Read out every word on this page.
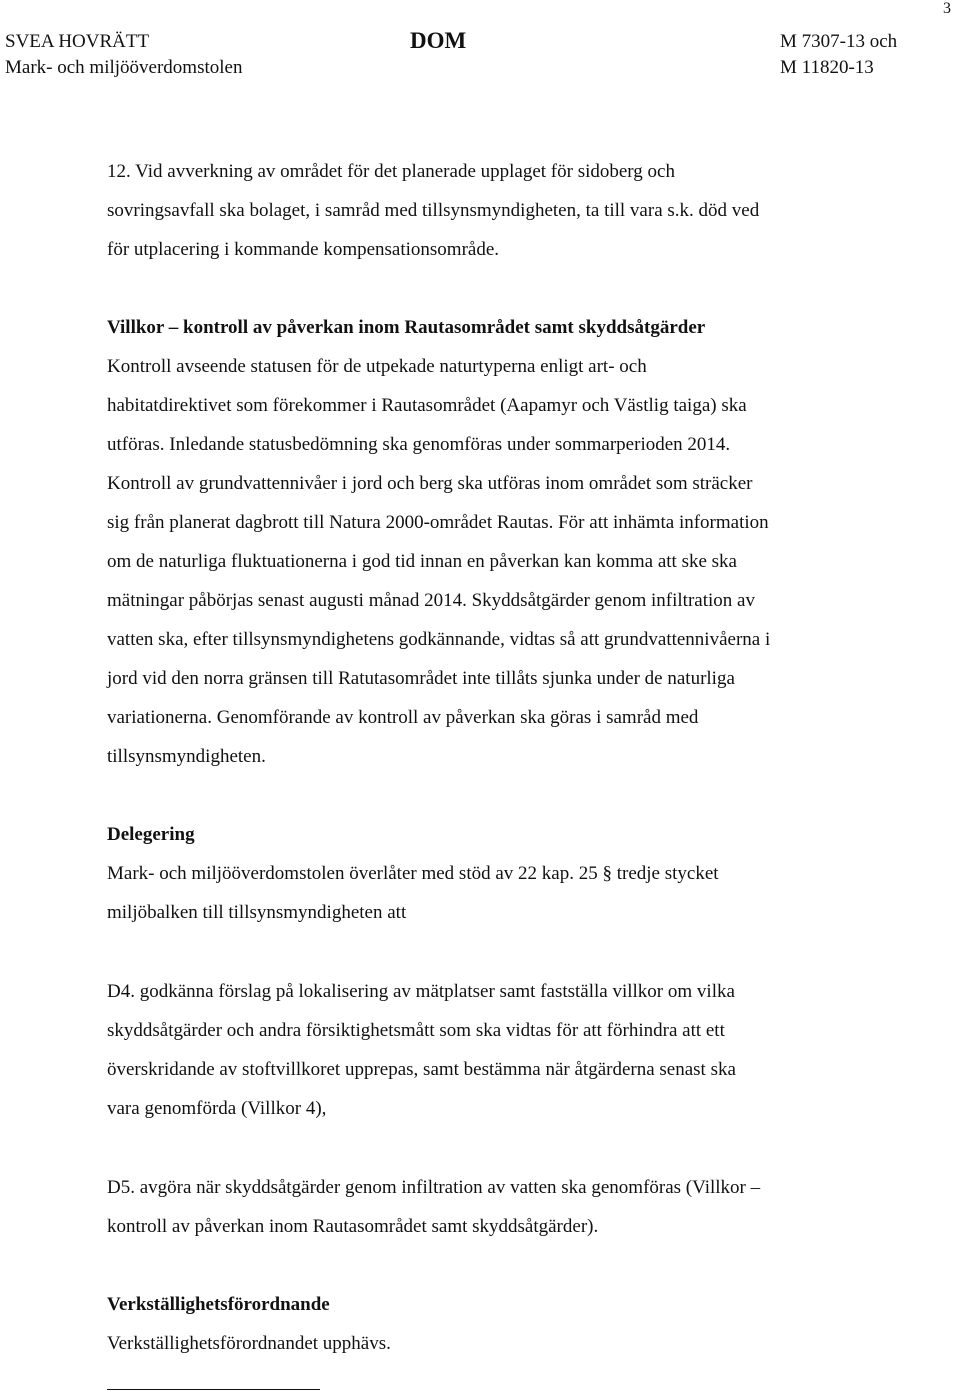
3
SVEA HOVRÄTT
Mark- och miljööverdomstolen
DOM	M 7307-13 och
M 11820-13
12. Vid avverkning av området för det planerade upplaget för sidoberg och
sovringsavfall ska bolaget, i samråd med tillsynsmyndigheten, ta till vara s.k. död ved
för utplacering i kommande kompensationsområde.
Villkor – kontroll av påverkan inom Rautasområdet samt skyddsåtgärder
Kontroll avseende statusen för de utpekade naturtyperna enligt art- och
habitatdirektivet som förekommer i Rautasområdet (Aapamyr och Västlig taiga) ska
utföras. Inledande statusbedömning ska genomföras under sommarperioden 2014.
Kontroll av grundvattennivåer i jord och berg ska utföras inom området som sträcker
sig från planerat dagbrott till Natura 2000-området Rautas. För att inhämta information
om de naturliga fluktuationerna i god tid innan en påverkan kan komma att ske ska
mätningar påbörjas senast augusti månad 2014. Skyddsåtgärder genom infiltration av
vatten ska, efter tillsynsmyndighetens godkännande, vidtas så att grundvattennivåerna i
jord vid den norra gränsen till Ratutasområdet inte tillåts sjunka under de naturliga
variationerna. Genomförande av kontroll av påverkan ska göras i samråd med
tillsynsmyndigheten.
Delegering
Mark- och miljööverdomstolen överlåter med stöd av 22 kap. 25 § tredje stycket
miljöbalken till tillsynsmyndigheten att
D4. godkänna förslag på lokalisering av mätplatser samt fastställa villkor om vilka
skyddsåtgärder och andra försiktighetsmått som ska vidtas för att förhindra att ett
överskridande av stoftvillkoret upprepas, samt bestämma när åtgärderna senast ska
vara genomförda (Villkor 4),
D5. avgöra när skyddsåtgärder genom infiltration av vatten ska genomföras (Villkor –
kontroll av påverkan inom Rautasområdet samt skyddsåtgärder).
Verkställighetsförordnande
Verkställighetsförordnandet upphävs.
